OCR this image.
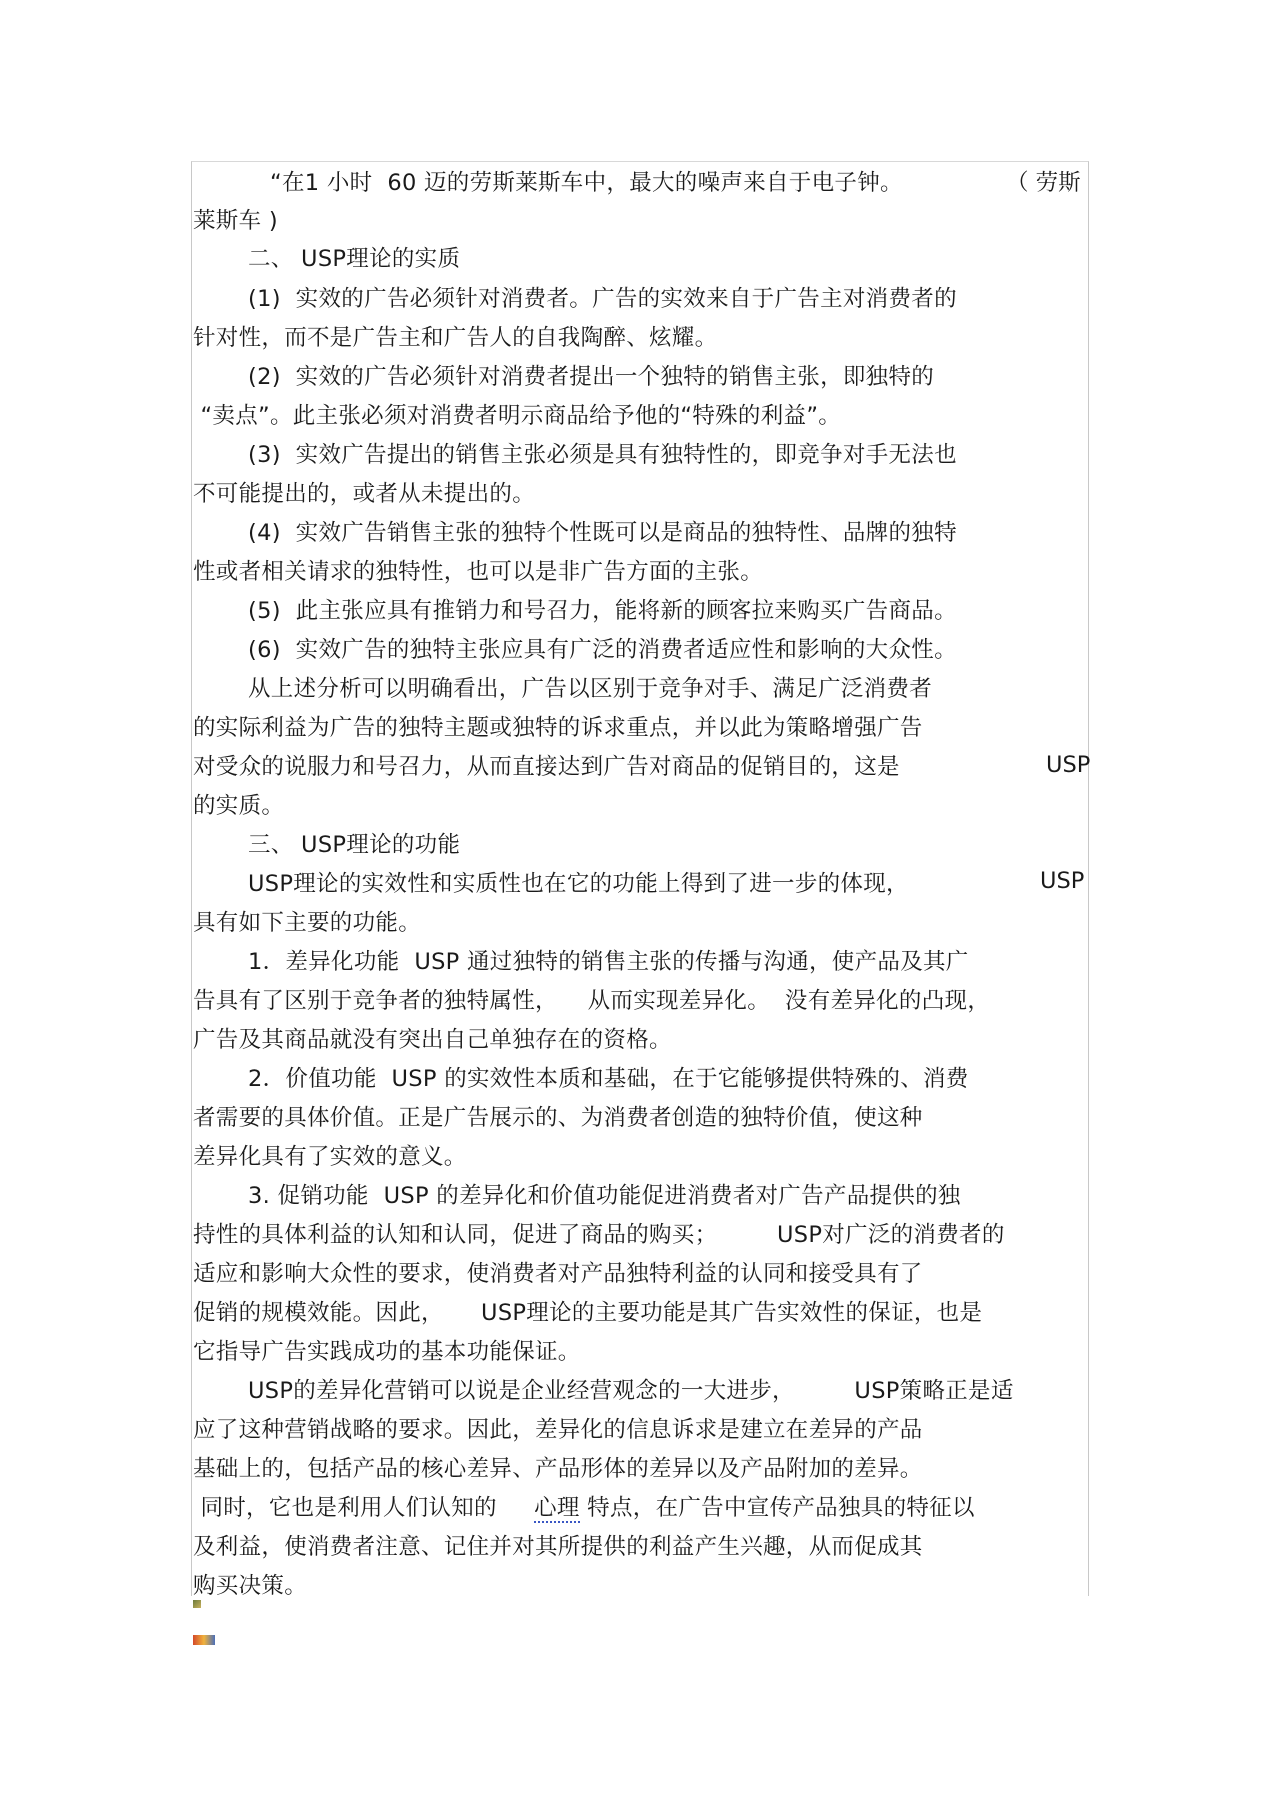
“在1 小时  60 迈的劳斯莱斯车中，最大的噪声来自于电子钟。	（ 劳斯
莱斯车 )
二、 USP理论的实质
(1)  实效的广告必须针对消费者。广告的实效来自于广告主对消费者的
针对性，而不是广告主和广告人的自我陶醉、炫耀。
(2)  实效的广告必须针对消费者提出一个独特的销售主张，即独特的
“卖点”。此主张必须对消费者明示商品给予他的“特殊的利益”。
(3)  实效广告提出的销售主张必须是具有独特性的，即竞争对手无法也
不可能提出的，或者从未提出的。
(4)  实效广告销售主张的独特个性既可以是商品的独特性、品牌的独特
性或者相关请求的独特性，也可以是非广告方面的主张。
(5)  此主张应具有推销力和号召力，能将新的顾客拉来购买广告商品。
(6)  实效广告的独特主张应具有广泛的消费者适应性和影响的大众性。
从上述分析可以明确看出，广告以区别于竞争对手、满足广泛消费者
的实际利益为广告的独特主题或独特的诉求重点，并以此为策略增强广告
对受众的说服力和号召力，从而直接达到广告对商品的促销目的，这是	USP
的实质。
三、 USP理论的功能
USP理论的实效性和实质性也在它的功能上得到了进一步的体现，	USP
具有如下主要的功能。
1．差异化功能  USP 通过独特的销售主张的传播与沟通，使产品及其广
告具有了区别于竞争者的独特属性，    从而实现差异化。  没有差异化的凸现，
广告及其商品就没有突出自己单独存在的资格。
2．价值功能  USP 的实效性本质和基础，在于它能够提供特殊的、消费
者需要的具体价值。正是广告展示的、为消费者创造的独特价值，使这种
差异化具有了实效的意义。
3. 促销功能  USP 的差异化和价值功能促进消费者对广告产品提供的独
持性的具体利益的认知和认同，促进了商品的购买；        USP对广泛的消费者的
适应和影响大众性的要求，使消费者对产品独特利益的认同和接受具有了
促销的规模效能。因此，     USP理论的主要功能是其广告实效性的保证，也是
它指导广告实践成功的基本功能保证。
USP的差异化营销可以说是企业经营观念的一大进步，        USP策略正是适
应了这种营销战略的要求。因此，差异化的信息诉求是建立在差异的产品
基础上的，包括产品的核心差异、产品形体的差异以及产品附加的差异。
同时，它也是利用人们认知的     心理 特点，在广告中宣传产品独具的特征以
及利益，使消费者注意、记住并对其所提供的利益产生兴趣，从而促成其
购买决策。
